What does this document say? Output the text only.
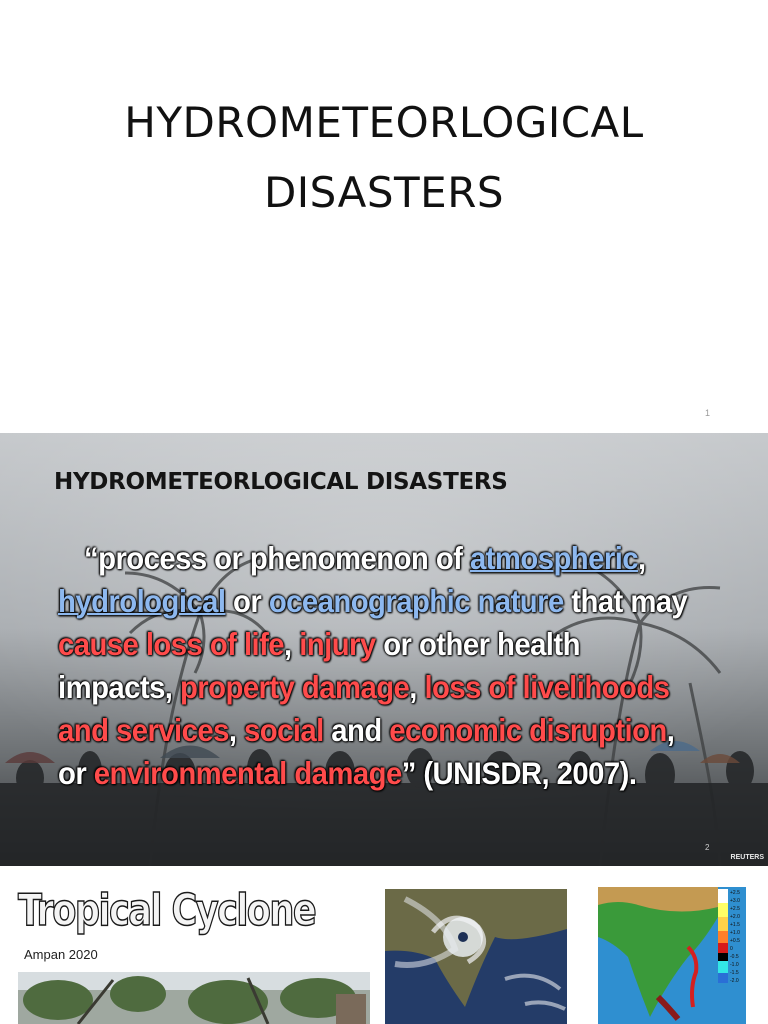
HYDROMETEORLOGICAL
DISASTERS
1
HYDROMETEORLOGICAL DISASTERS
“process or phenomenon of atmospheric, hydrological or oceanographic nature that may cause loss of life, injury or other health impacts, property damage, loss of livelihoods and services, social and economic disruption, or environmental damage” (UNISDR, 2007).
2
REUTERS
Tropical Cyclone
Ampan 2020
+2.5
+3.0
+2.5
+2.0
+1.5
+1.0
+0.5
0
-0.5
-1.0
-1.5
-2.0
